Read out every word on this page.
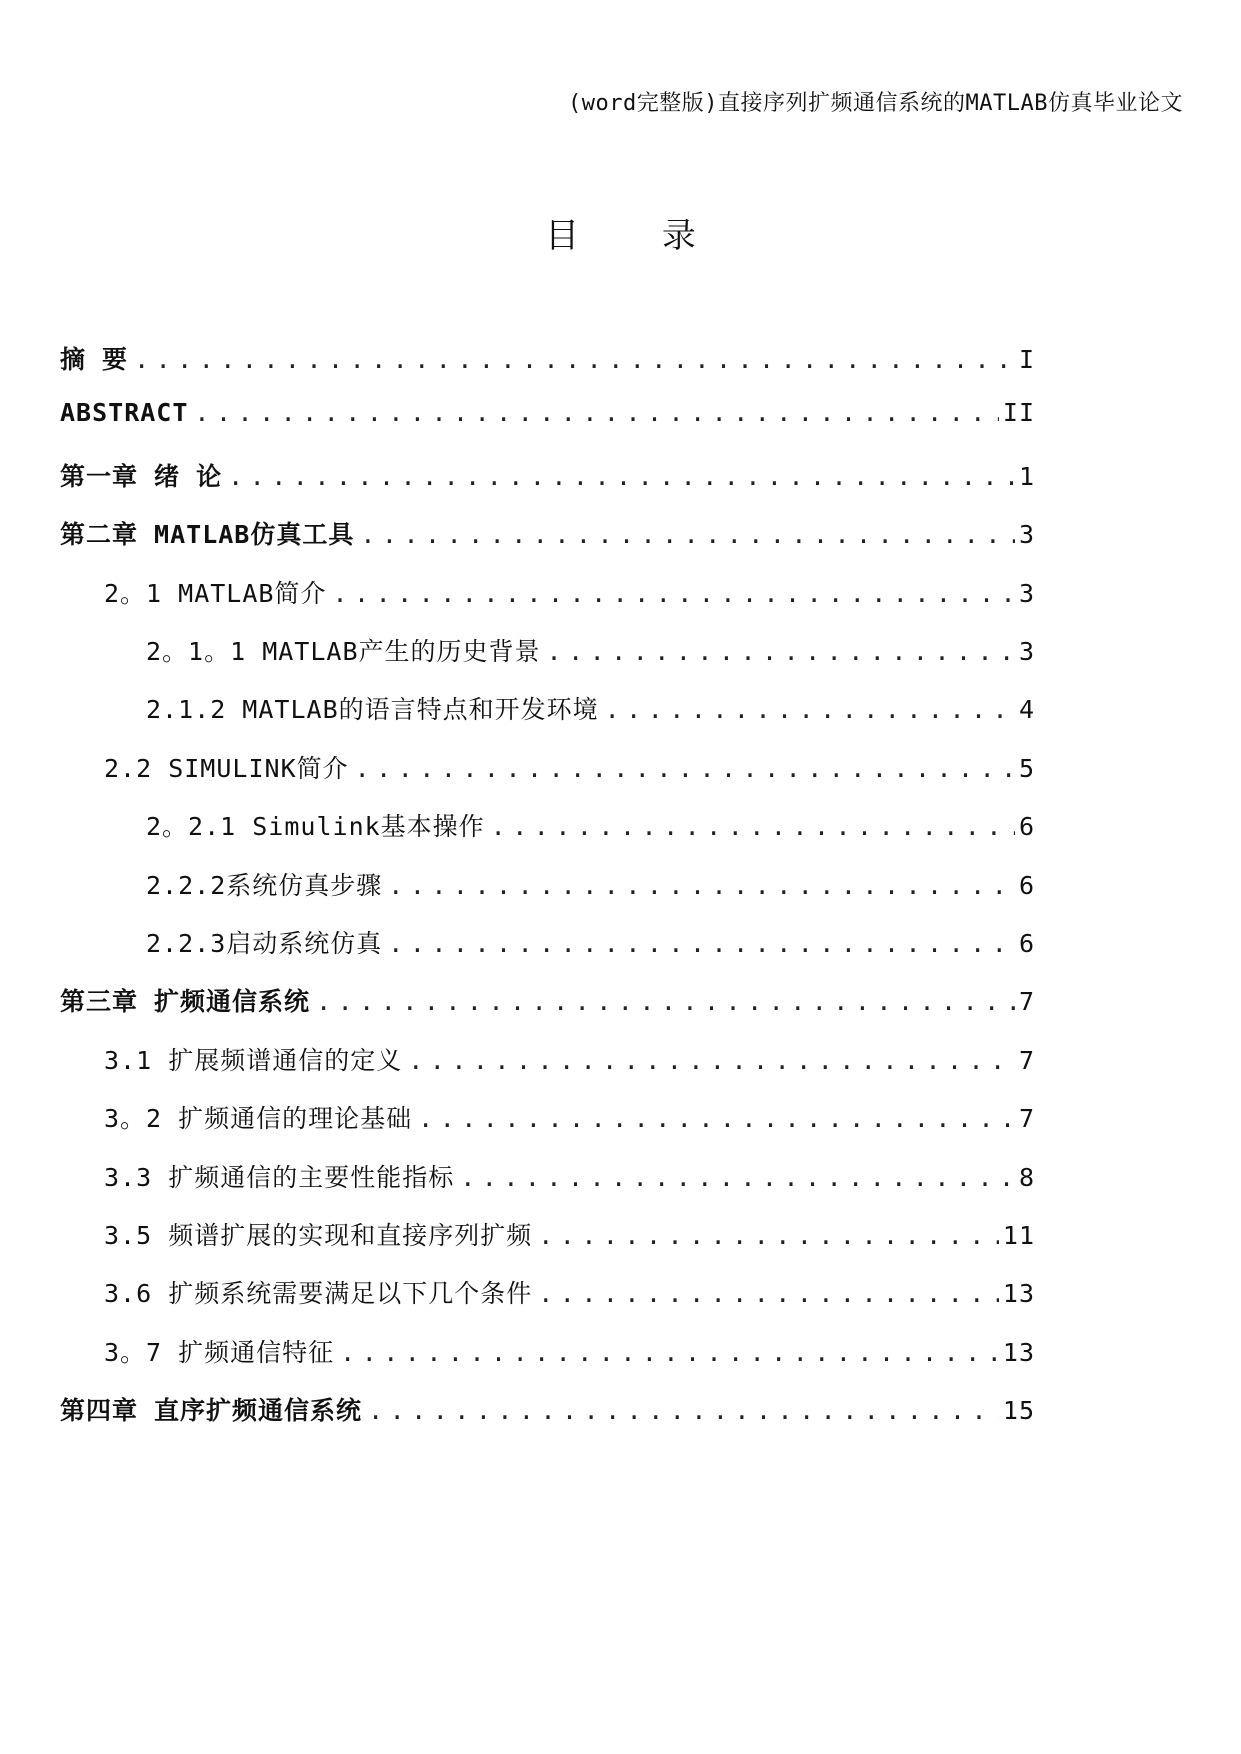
(word完整版)直接序列扩频通信系统的MATLAB仿真毕业论文
目 录
摘 要 .....	I
ABSTRACT .....	II
第一章 绪 论 .....	1
第二章 MATLAB仿真工具 .....	3
2。1 MATLAB简介 .....	3
2。1。1 MATLAB产生的历史背景 .....	3
2.1.2 MATLAB的语言特点和开发环境 .....	4
2.2 SIMULINK简介 .....	5
2。2.1 Simulink基本操作 .....	6
2.2.2系统仿真步骤 .....	6
2.2.3启动系统仿真 .....	6
第三章 扩频通信系统 .....	7
3.1 扩展频谱通信的定义 .....	7
3。2 扩频通信的理论基础 .....	7
3.3 扩频通信的主要性能指标 .....	8
3.5 频谱扩展的实现和直接序列扩频 .....	11
3.6 扩频系统需要满足以下几个条件 .....	13
3。7 扩频通信特征 .....	13
第四章 直序扩频通信系统 .....	15
